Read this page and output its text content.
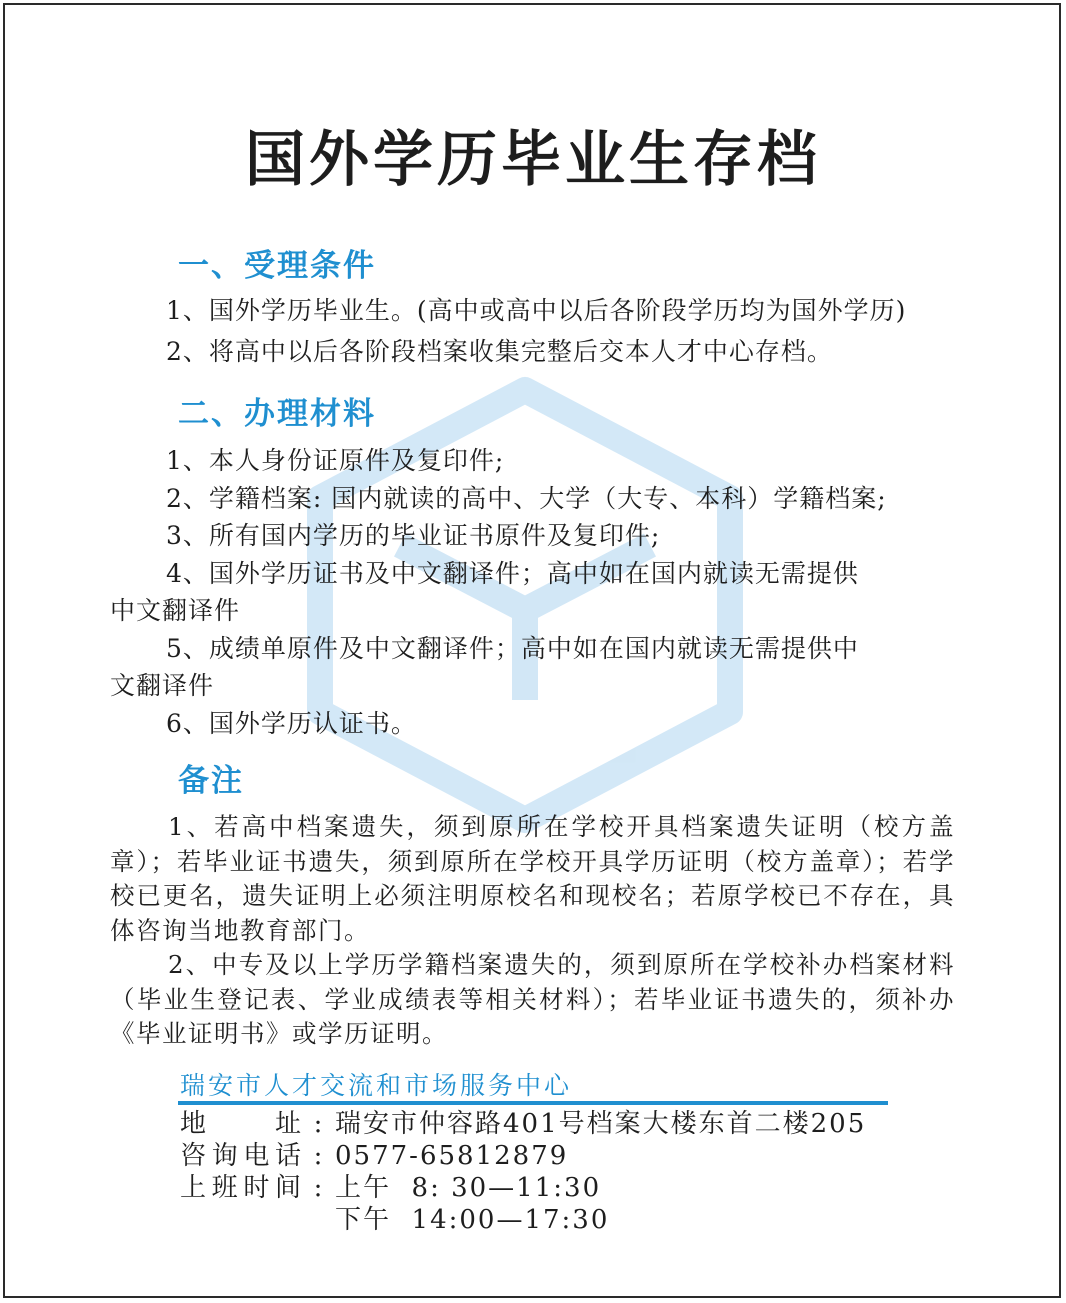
国外学历毕业生存档
一、受理条件
1、国外学历毕业生。(高中或高中以后各阶段学历均为国外学历)
2、将高中以后各阶段档案收集完整后交本人才中心存档。
二、办理材料
1、本人身份证原件及复印件;
2、学籍档案: 国内就读的高中、大学（大专、本科）学籍档案;
3、所有国内学历的毕业证书原件及复印件;
4、国外学历证书及中文翻译件；高中如在国内就读无需提供
中文翻译件
5、成绩单原件及中文翻译件；高中如在国内就读无需提供中
文翻译件
6、国外学历认证书。
备注
1、若高中档案遗失，须到原所在学校开具档案遗失证明（校方盖章）；若毕业证书遗失，须到原所在学校开具学历证明（校方盖章）；若学校已更名，遗失证明上必须注明原校名和现校名；若原学校已不存在，具体咨询当地教育部门。
2、中专及以上学历学籍档案遗失的，须到原所在学校补办档案材料（毕业生登记表、学业成绩表等相关材料）；若毕业证书遗失的，须补办《毕业证明书》或学历证明。
瑞安市人才交流和市场服务中心
地址 : 瑞安市仲容路401号档案大楼东首二楼205
咨询电话 : 0577-65812879
上班时间 : 上午  8: 30—11:30
下午  14:00—17:30
